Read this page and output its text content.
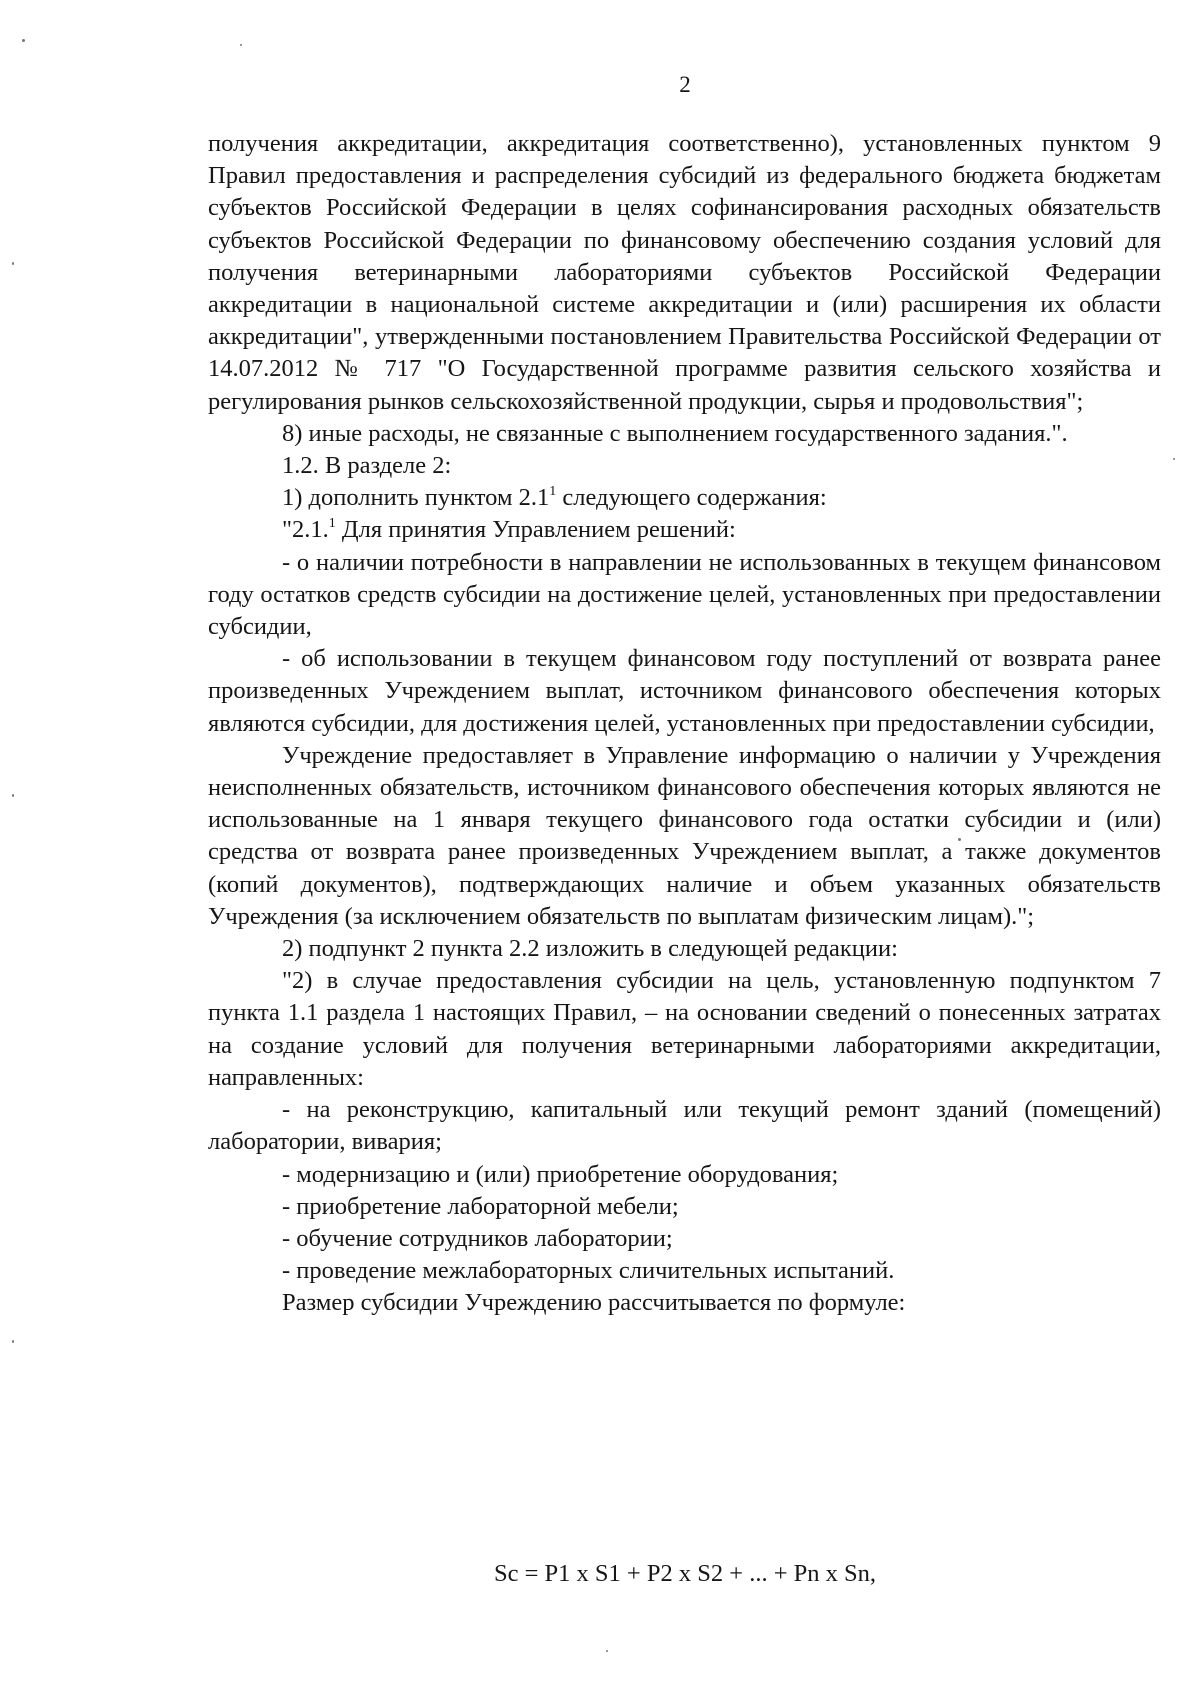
2

получения аккредитации, аккредитация соответственно), установленных пунктом 9 Правил предоставления и распределения субсидий из федерального бюджета бюджетам субъектов Российской Федерации в целях софинансирования расходных обязательств субъектов Российской Федерации по финансовому обеспечению создания условий для получения ветеринарными лабораториями субъектов Российской Федерации аккредитации в национальной системе аккредитации и (или) расширения их области аккредитации", утвержденными постановлением Правительства Российской Федерации от 14.07.2012 № 717 "О Государственной программе развития сельского хозяйства и регулирования рынков сельскохозяйственной продукции, сырья и продовольствия";

8) иные расходы, не связанные с выполнением государственного задания.".

1.2. В разделе 2:

1) дополнить пунктом $2.1^1$ следующего содержания:

"2.1.$^1$ Для принятия Управлением решений:

- о наличии потребности в направлении не использованных в текущем финансовом году остатков средств субсидии на достижение целей, установленных при предоставлении субсидии,

- об использовании в текущем финансовом году поступлений от возврата ранее произведенных Учреждением выплат, источником финансового обеспечения которых являются субсидии, для достижения целей, установленных при предоставлении субсидии,

Учреждение предоставляет в Управление информацию о наличии у Учреждения неисполненных обязательств, источником финансового обеспечения которых являются не использованные на 1 января текущего финансового года остатки субсидии и (или) средства от возврата ранее произведенных Учреждением выплат, а также документов (копий документов), подтверждающих наличие и объем указанных обязательств Учреждения (за исключением обязательств по выплатам физическим лицам).";

2) подпункт 2 пункта 2.2 изложить в следующей редакции:

"2) в случае предоставления субсидии на цель, установленную подпунктом 7 пункта 1.1 раздела 1 настоящих Правил, – на основании сведений о понесенных затратах на создание условий для получения ветеринарными лабораториями аккредитации, направленных:

- на реконструкцию, капитальный или текущий ремонт зданий (помещений) лаборатории, вивария;

- модернизацию и (или) приобретение оборудования;

- приобретение лабораторной мебели;

- обучение сотрудников лаборатории;

- проведение межлабораторных сличительных испытаний.

Размер субсидии Учреждению рассчитывается по формуле:

Sc = P1 x S1 + P2 x S2 + ... + Pn x Sn,
